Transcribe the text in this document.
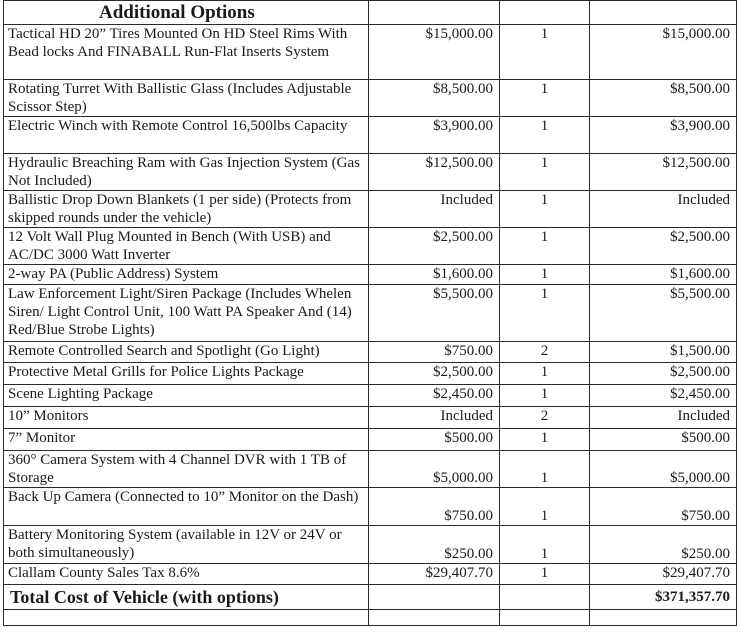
Additional Options			
Tactical HD 20” Tires Mounted On HD Steel Rims With Bead locks And FINABALL Run-Flat Inserts System	$15,000.00	1	$15,000.00
Rotating Turret With Ballistic Glass (Includes Adjustable Scissor Step)	$8,500.00	1	$8,500.00
Electric Winch with Remote Control 16,500lbs Capacity	$3,900.00	1	$3,900.00
Hydraulic Breaching Ram with Gas Injection System (Gas Not Included)	$12,500.00	1	$12,500.00
Ballistic Drop Down Blankets (1 per side) (Protects from skipped rounds under the vehicle)	Included	1	Included
12 Volt Wall Plug Mounted in Bench (With USB) and AC/DC 3000 Watt Inverter	$2,500.00	1	$2,500.00
2-way PA (Public Address) System	$1,600.00	1	$1,600.00
Law Enforcement Light/Siren Package (Includes Whelen Siren/ Light Control Unit, 100 Watt PA Speaker And (14) Red/Blue Strobe Lights)	$5,500.00	1	$5,500.00
Remote Controlled Search and Spotlight (Go Light)	$750.00	2	$1,500.00
Protective Metal Grills for Police Lights Package	$2,500.00	1	$2,500.00
Scene Lighting Package	$2,450.00	1	$2,450.00
10” Monitors	Included	2	Included
7” Monitor	$500.00	1	$500.00
360° Camera System with 4 Channel DVR with 1 TB of Storage	$5,000.00	1	$5,000.00
Back Up Camera (Connected to 10” Monitor on the Dash)	$750.00	1	$750.00
Battery Monitoring System (available in 12V or 24V or both simultaneously)	$250.00	1	$250.00
Clallam County Sales Tax 8.6%	$29,407.70	1	$29,407.70
Total Cost of Vehicle (with options)			$371,357.70
